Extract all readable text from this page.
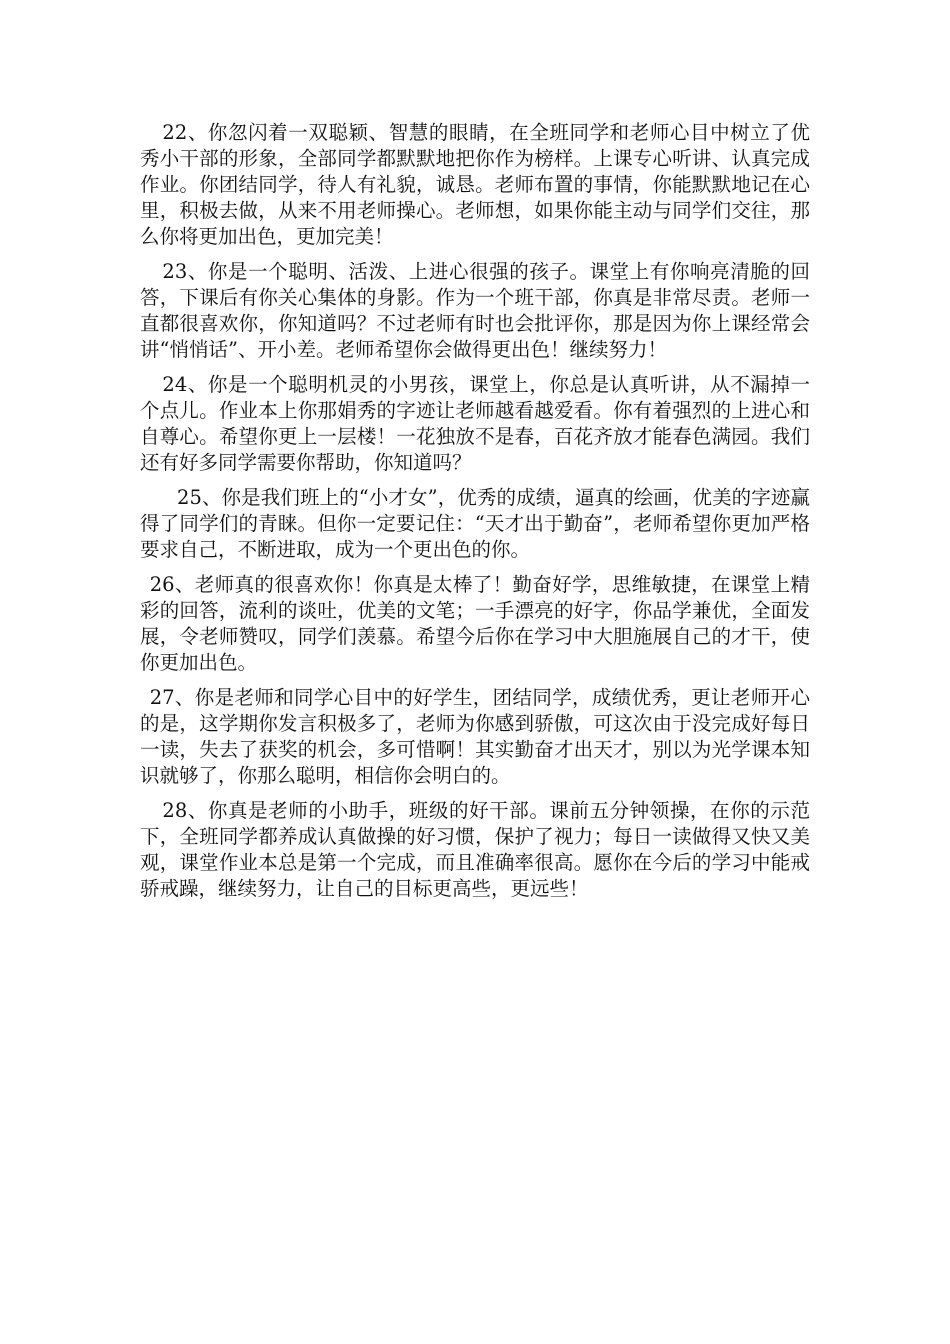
22、你忽闪着一双聪颖、智慧的眼睛，在全班同学和老师心目中树立了优秀小干部的形象，全部同学都默默地把你作为榜样。上课专心听讲、认真完成作业。你团结同学，待人有礼貌，诚恳。老师布置的事情，你能默默地记在心里，积极去做，从来不用老师操心。老师想，如果你能主动与同学们交往，那么你将更加出色，更加完美！

23、你是一个聪明、活泼、上进心很强的孩子。课堂上有你响亮清脆的回答，下课后有你关心集体的身影。作为一个班干部，你真是非常尽责。老师一直都很喜欢你，你知道吗？不过老师有时也会批评你，那是因为你上课经常会讲“悄悄话”、开小差。老师希望你会做得更出色！继续努力！

24、你是一个聪明机灵的小男孩，课堂上，你总是认真听讲，从不漏掉一个点儿。作业本上你那娟秀的字迹让老师越看越爱看。你有着强烈的上进心和自尊心。希望你更上一层楼！一花独放不是春，百花齐放才能春色满园。我们还有好多同学需要你帮助，你知道吗？

25、你是我们班上的“小才女”，优秀的成绩，逼真的绘画，优美的字迹赢得了同学们的青睐。但你一定要记住：“天才出于勤奋”，老师希望你更加严格要求自己，不断进取，成为一个更出色的你。

26、老师真的很喜欢你！你真是太棒了！勤奋好学，思维敏捷，在课堂上精彩的回答，流利的谈吐，优美的文笔；一手漂亮的好字，你品学兼优，全面发展，令老师赞叹，同学们羡慕。希望今后你在学习中大胆施展自己的才干，使你更加出色。

27、你是老师和同学心目中的好学生，团结同学，成绩优秀，更让老师开心的是，这学期你发言积极多了，老师为你感到骄傲，可这次由于没完成好每日一读，失去了获奖的机会，多可惜啊！其实勤奋才出天才，别以为光学课本知识就够了，你那么聪明，相信你会明白的。

28、你真是老师的小助手，班级的好干部。课前五分钟领操，在你的示范下，全班同学都养成认真做操的好习惯，保护了视力；每日一读做得又快又美观，课堂作业本总是第一个完成，而且准确率很高。愿你在今后的学习中能戒骄戒躁，继续努力，让自己的目标更高些，更远些！
